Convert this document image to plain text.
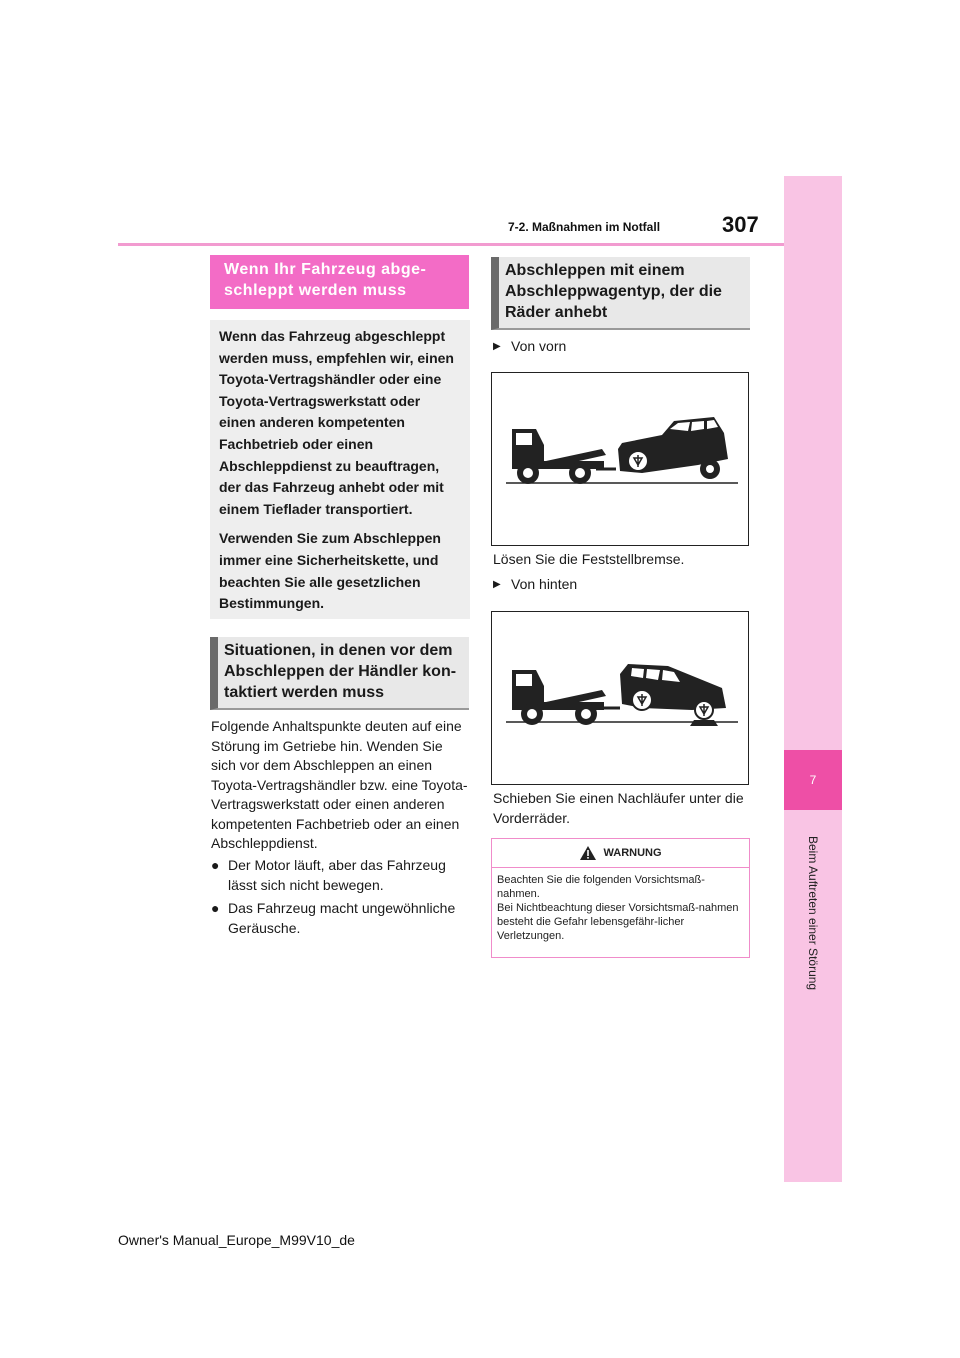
7
Beim Auftreten einer Störung
7-2. Maßnahmen im Notfall	307
Wenn Ihr Fahrzeug abge-schleppt werden muss

Wenn das Fahrzeug abgeschleppt werden muss, empfehlen wir, einen Toyota-Vertragshändler oder eine Toyota-Vertragswerkstatt oder einen anderen kompetenten Fachbetrieb oder einen Abschleppdienst zu beauftragen, der das Fahrzeug anhebt oder mit einem Tieflader transportiert.

Verwenden Sie zum Abschleppen immer eine Sicherheitskette, und beachten Sie alle gesetzlichen Bestimmungen.

Situationen, in denen vor dem Abschleppen der Händler kon-taktiert werden muss
Folgende Anhaltspunkte deuten auf eine Störung im Getriebe hin. Wenden Sie sich vor dem Abschleppen an einen Toyota-Vertragshändler bzw. eine Toyota-Vertragswerkstatt oder einen anderen kompetenten Fachbetrieb oder an einen Abschleppdienst.
● Der Motor läuft, aber das Fahrzeug lässt sich nicht bewegen.
● Das Fahrzeug macht ungewöhnliche Geräusche.
Abschleppen mit einem Abschleppwagentyp, der die Räder anhebt
▶ Von vorn
Lösen Sie die Feststellbremse.
▶ Von hinten
Schieben Sie einen Nachläufer unter die Vorderräder.
WARNUNG

Beachten Sie die folgenden Vorsichtsmaß-nahmen.

Bei Nichtbeachtung dieser Vorsichtsmaß-nahmen besteht die Gefahr lebensgefähr-licher Verletzungen.

Owner's Manual_Europe_M99V10_de
